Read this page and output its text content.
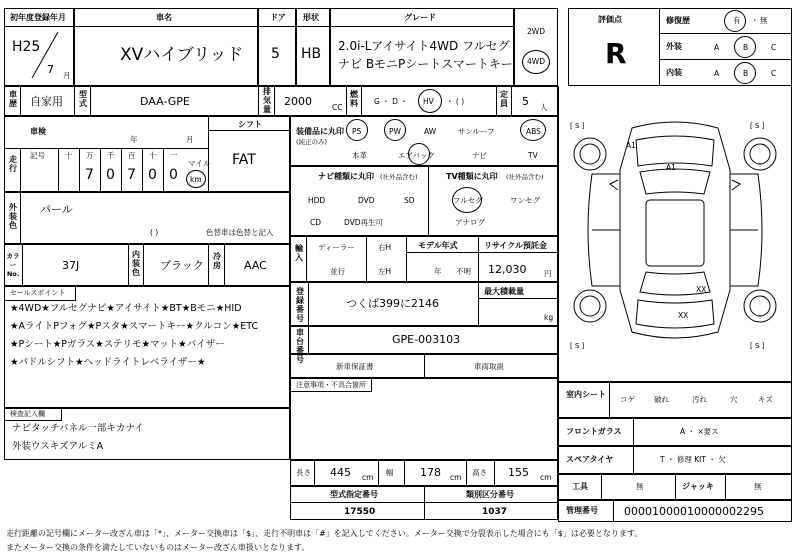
初年度登録年月
H25
7 月
車名
XVハイブリッド
ドア
5
形状
HB
グレード
2.0i-Lアイサイト4WD フルセグ
ナビ BモニPシートスマートキー
2WD
4WD
評価点
R
修復歴	有 ・ 無
外装	A	B	C
内装	A	B	C
車歴 自家用
型式	DAA-GPE
排気量
2000	CC
燃料 G ・ D ・ HV ・ ( )
定員 5 人
車検
年	月
シフト
FAT
走行
記号
マイル
km
装備品に丸印
(純正のみ)
PS	PW	AW	サンルーフ	ABS
本革	エアバック	ナビ	TV
ナビ種類に丸印 (社外品含む)	TV種類に丸印 (社外品含む)
HDD	DVD	SD
CD	DVD再生可
フルセグ	ワンセグ
アナログ
外装色
パール
( )	色替車は色替と記入
輸入
ディーラー
並行
右H
左H
モデル年式
年 不明
リサイクル預託金
12,030 円
カラーNo.
37J
内装色
ブラック
冷房 AAC
登録番号
つくば399に2146
最大積載量
kg
車台番号
GPE-003103
セールスポイント
★4WD★フルセグナビ★アイサイト★BT★Bモニ★HID
★AライトPフォグ★Pスタ★スマートキー★クルコン★ETC
★Pシート★Pガラス★ステリモ★マット★バイザー
★パドルシフト★ヘッドライトレベライザー★	新車保証書	車両取説
注意事項・不具合箇所
検査記入欄
ナビタッチパネル一部キカナイ
外装ウスキズアルミA
長さ 445 cm
幅 178 cm
高さ 155 cm
型式指定番号	類別区分番号
17550	1037
[ S ]	[ S ]
[ S ]	[ S ]
A1
A1
XX
XX
室内シート
コゲ	破れ	汚れ	穴	キズ
フロントガラス	A ・ ×要ス
スペアタイヤ	T ・ 修理 KIT ・ 欠
工具	無	ジャッキ	無
管理番号 00001000010000002295
走行距離の記号欄にメーター改ざん車は「*」、メーター交換車は「$」、走行不明車は「#」を記入してください。メーター交換で分裂表示した場合にも「$」は必要となります。
またメーター交換の条件を満たしていないものはメーター改ざん車扱いとなります。
十 万
7
千
0
百
7
十
0
一
0
